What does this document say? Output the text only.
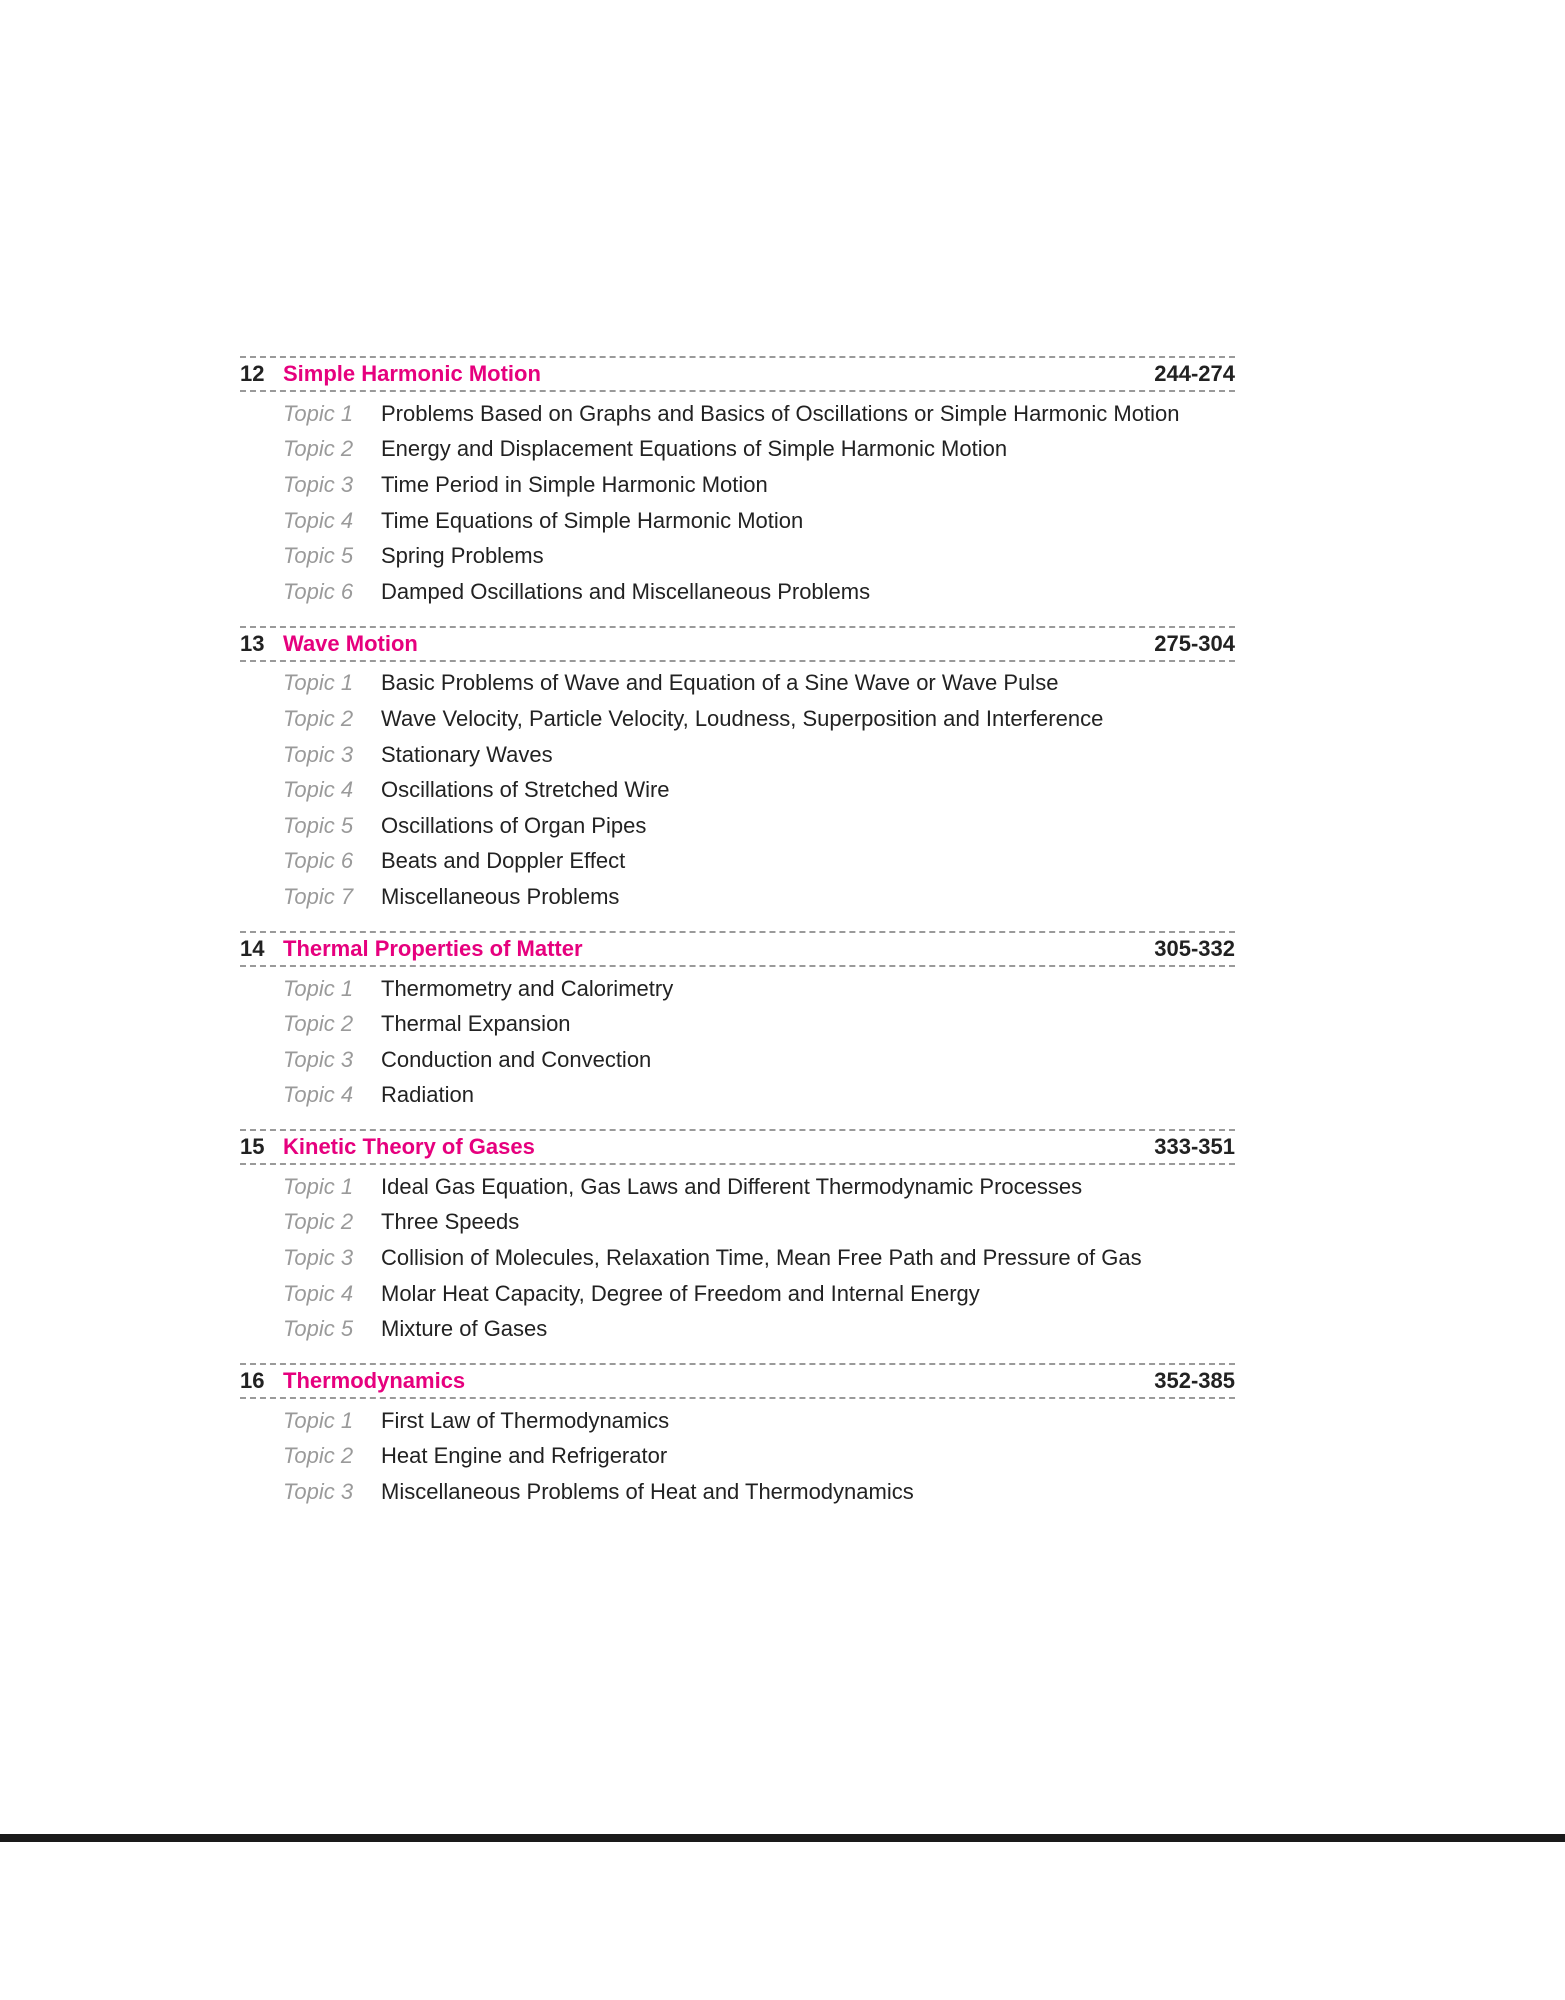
12 Simple Harmonic Motion	244-274
Topic 1	Problems Based on Graphs and Basics of Oscillations or Simple Harmonic Motion
Topic 2	Energy and Displacement Equations of Simple Harmonic Motion
Topic 3	Time Period in Simple Harmonic Motion
Topic 4	Time Equations of Simple Harmonic Motion
Topic 5	Spring Problems
Topic 6	Damped Oscillations and Miscellaneous Problems
13 Wave Motion	275-304
Topic 1	Basic Problems of Wave and Equation of a Sine Wave or Wave Pulse
Topic 2	Wave Velocity, Particle Velocity, Loudness, Superposition and Interference
Topic 3	Stationary Waves
Topic 4	Oscillations of Stretched Wire
Topic 5	Oscillations of Organ Pipes
Topic 6	Beats and Doppler Effect
Topic 7	Miscellaneous Problems
14 Thermal Properties of Matter	305-332
Topic 1	Thermometry and Calorimetry
Topic 2	Thermal Expansion
Topic 3	Conduction and Convection
Topic 4	Radiation
15 Kinetic Theory of Gases	333-351
Topic 1	Ideal Gas Equation, Gas Laws and Different Thermodynamic Processes
Topic 2	Three Speeds
Topic 3	Collision of Molecules, Relaxation Time, Mean Free Path and Pressure of Gas
Topic 4	Molar Heat Capacity, Degree of Freedom and Internal Energy
Topic 5	Mixture of Gases
16 Thermodynamics	352-385
Topic 1	First Law of Thermodynamics
Topic 2	Heat Engine and Refrigerator
Topic 3	Miscellaneous Problems of Heat and Thermodynamics
